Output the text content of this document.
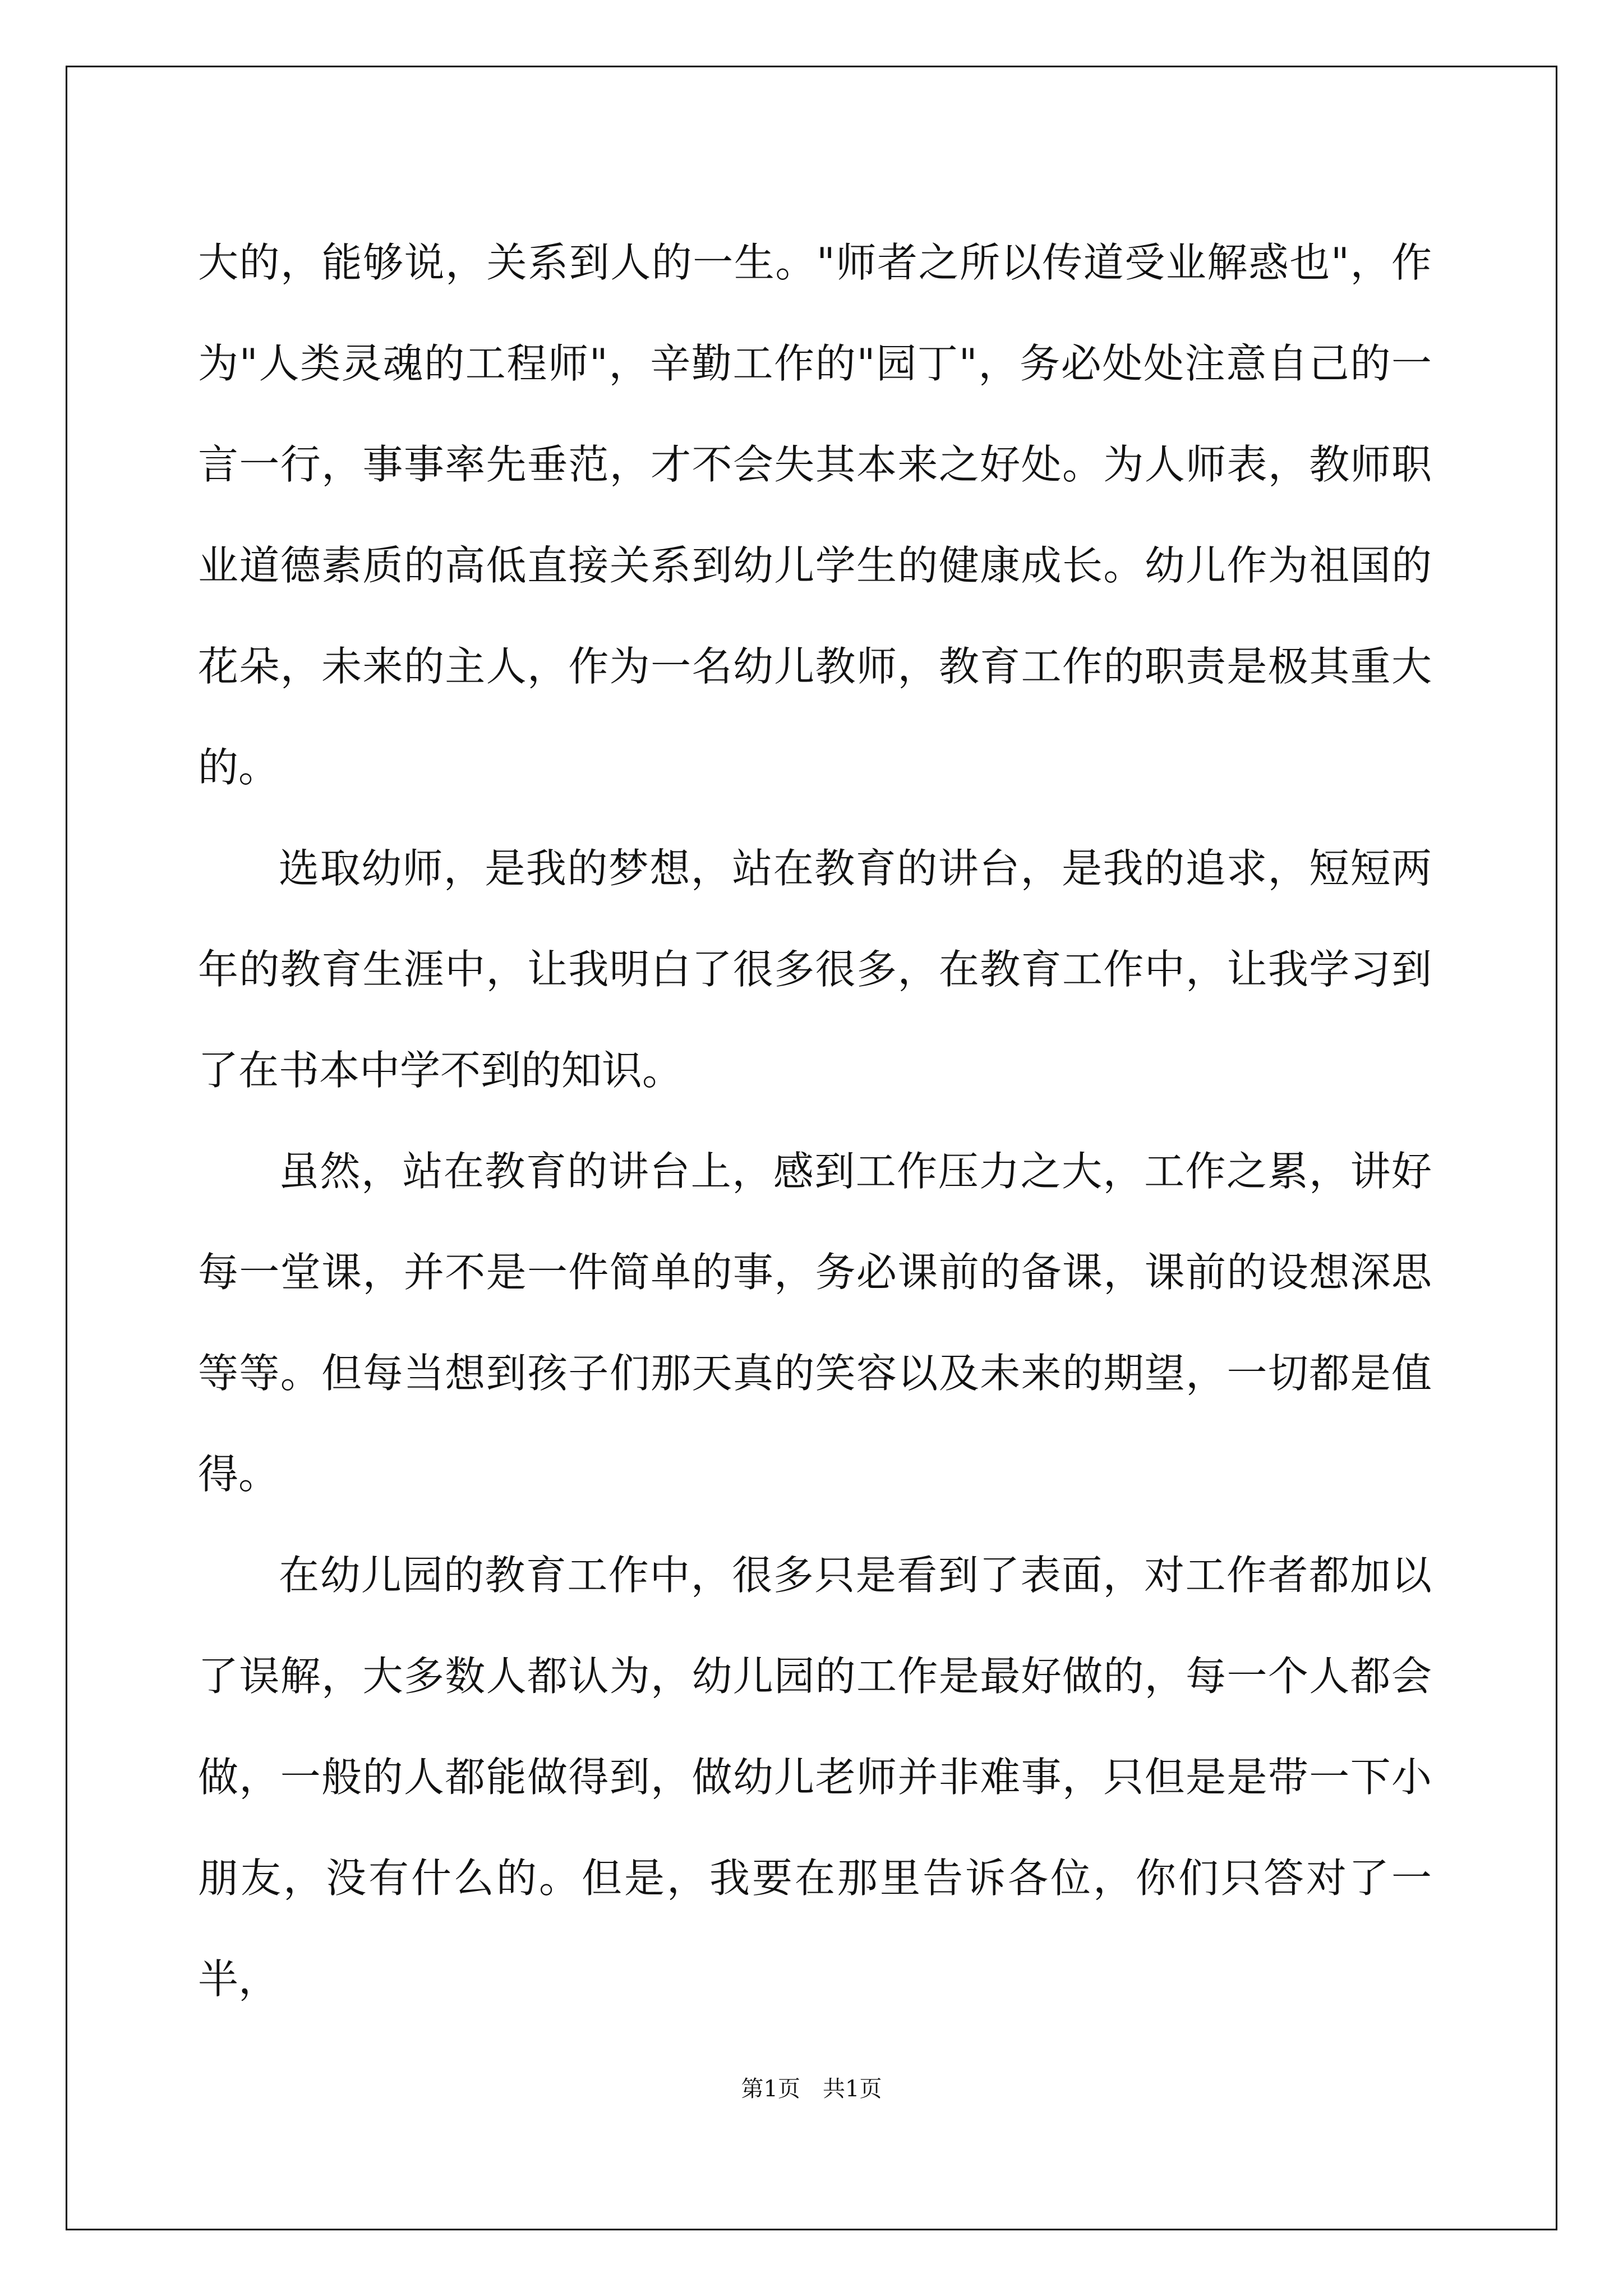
大的，能够说，关系到人的一生。"师者之所以传道受业解惑也"，作为"人类灵魂的工程师"，辛勤工作的"园丁"，务必处处注意自己的一言一行，事事率先垂范，才不会失其本来之好处。为人师表，教师职业道德素质的高低直接关系到幼儿学生的健康成长。幼儿作为祖国的花朵，未来的主人，作为一名幼儿教师，教育工作的职责是极其重大的。

选取幼师，是我的梦想，站在教育的讲台，是我的追求，短短两年的教育生涯中，让我明白了很多很多，在教育工作中，让我学习到了在书本中学不到的知识。

虽然，站在教育的讲台上，感到工作压力之大，工作之累，讲好每一堂课，并不是一件简单的事，务必课前的备课，课前的设想深思等等。但每当想到孩子们那天真的笑容以及未来的期望，一切都是值得。

在幼儿园的教育工作中，很多只是看到了表面，对工作者都加以了误解，大多数人都认为，幼儿园的工作是最好做的，每一个人都会做，一般的人都能做得到，做幼儿老师并非难事，只但是是带一下小朋友，没有什么的。但是，我要在那里告诉各位，你们只答对了一半，

第1页　共1页
